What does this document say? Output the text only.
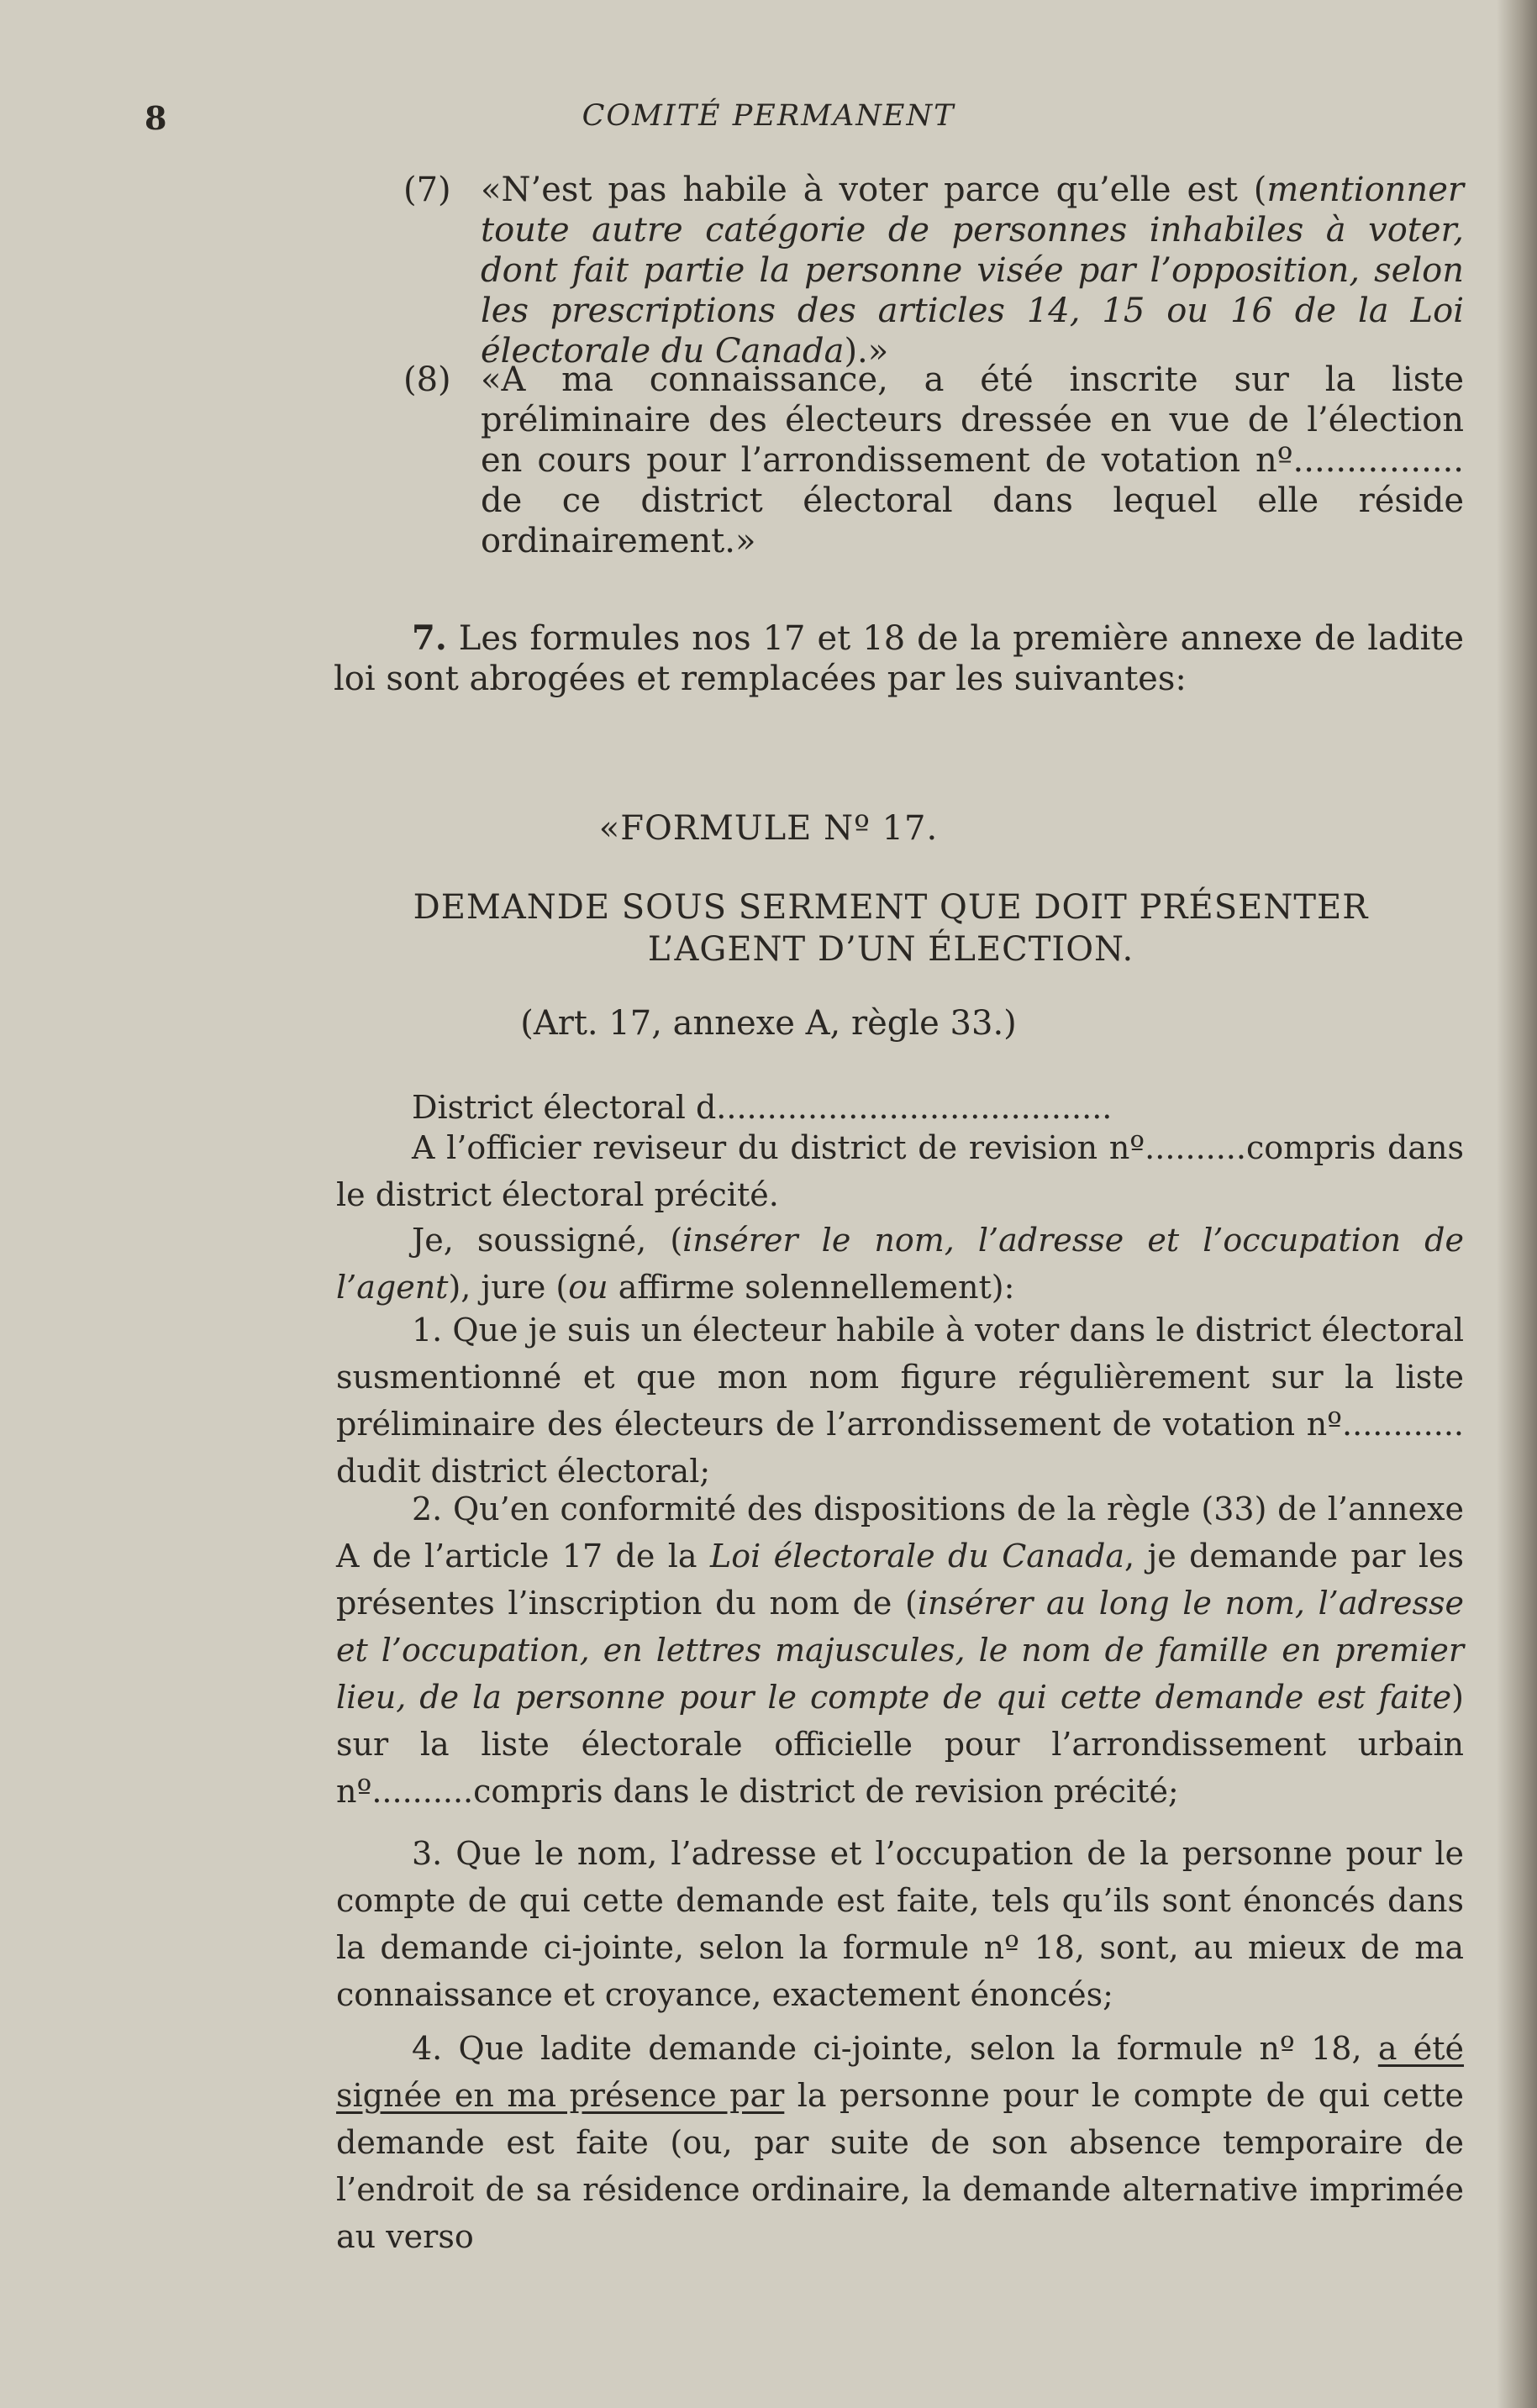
8	COMITÉ PERMANENT
(7) «N’est pas habile à voter parce qu’elle est (mentionner toute autre catégorie de personnes inhabiles à voter, dont fait partie la personne visée par l’opposition, selon les prescriptions des articles 14, 15 ou 16 de la Loi électorale du Canada).»
(8) «A ma connaissance, a été inscrite sur la liste préliminaire des électeurs dressée en vue de l’élection en cours pour l’arrondissement de votation nº................ de ce district électoral dans lequel elle réside ordinairement.»
7. Les formules nos 17 et 18 de la première annexe de ladite loi sont abrogées et remplacées par les suivantes:
«FORMULE Nº 17.
DEMANDE SOUS SERMENT QUE DOIT PRÉSENTER
L’AGENT D’UN ÉLECTION.
(Art. 17, annexe A, règle 33.)
District électoral d.......................................
A l’officier reviseur du district de revision nº..........compris dans le district électoral précité.
Je, soussigné, (insérer le nom, l’adresse et l’occupation de l’agent), jure (ou affirme solennellement):
1. Que je suis un électeur habile à voter dans le district électoral susmentionné et que mon nom figure régulièrement sur la liste préliminaire des électeurs de l’arrondissement de votation nº............ dudit district électoral;
2. Qu’en conformité des dispositions de la règle (33) de l’annexe A de l’article 17 de la Loi électorale du Canada, je demande par les présentes l’inscription du nom de (insérer au long le nom, l’adresse et l’occupation, en lettres majuscules, le nom de famille en premier lieu, de la personne pour le compte de qui cette demande est faite) sur la liste électorale officielle pour l’arrondissement urbain nº..........compris dans le district de revision précité;
3. Que le nom, l’adresse et l’occupation de la personne pour le compte de qui cette demande est faite, tels qu’ils sont énoncés dans la demande ci-jointe, selon la formule nº 18, sont, au mieux de ma connaissance et croyance, exactement énoncés;
4. Que ladite demande ci-jointe, selon la formule nº 18, a été signée en ma présence par la personne pour le compte de qui cette demande est faite (ou, par suite de son absence temporaire de l’endroit de sa résidence ordinaire, la demande alternative imprimée au verso
